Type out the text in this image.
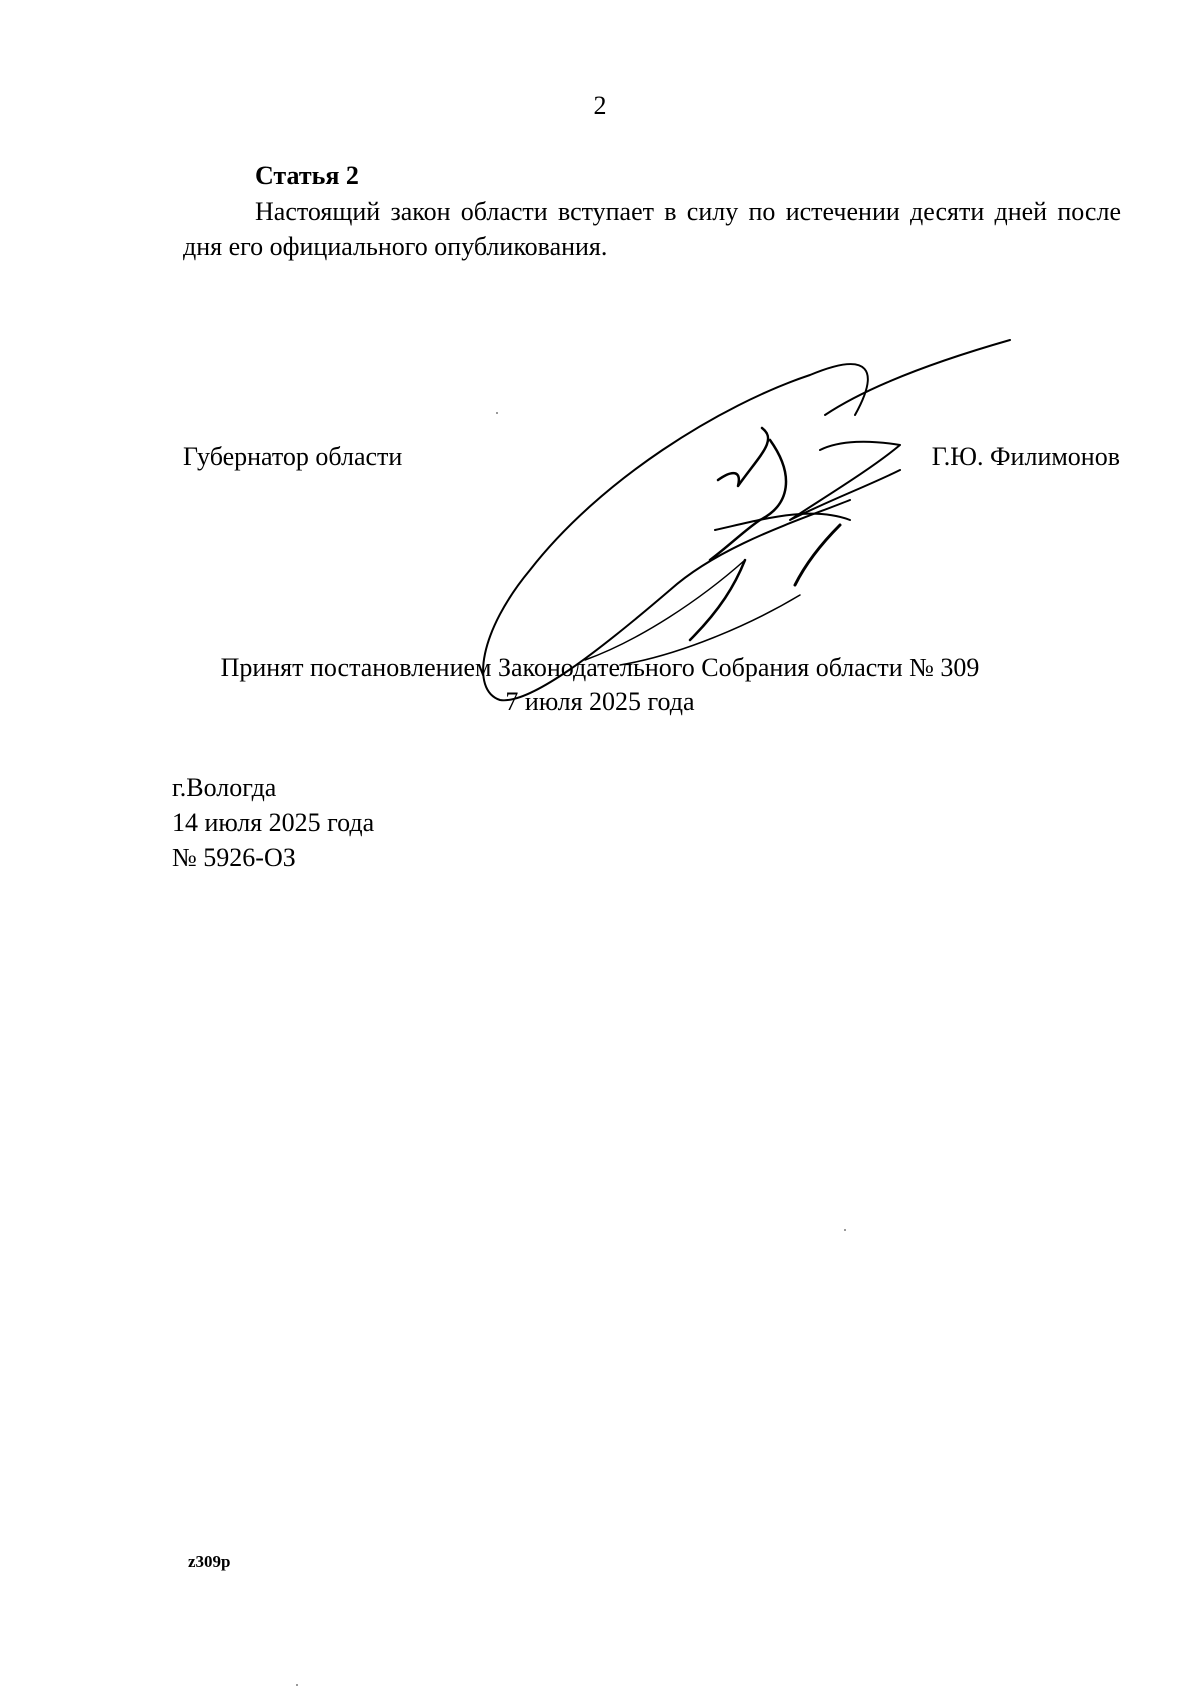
2
Статья 2
Настоящий закон области вступает в силу по истечении десяти дней после дня его официального опубликования.
Губернатор области	Г.Ю. Филимонов
Принят постановлением Законодательного Собрания области № 309
7 июля 2025 года
г.Вологда
14 июля 2025 года
№ 5926-ОЗ
z309p
